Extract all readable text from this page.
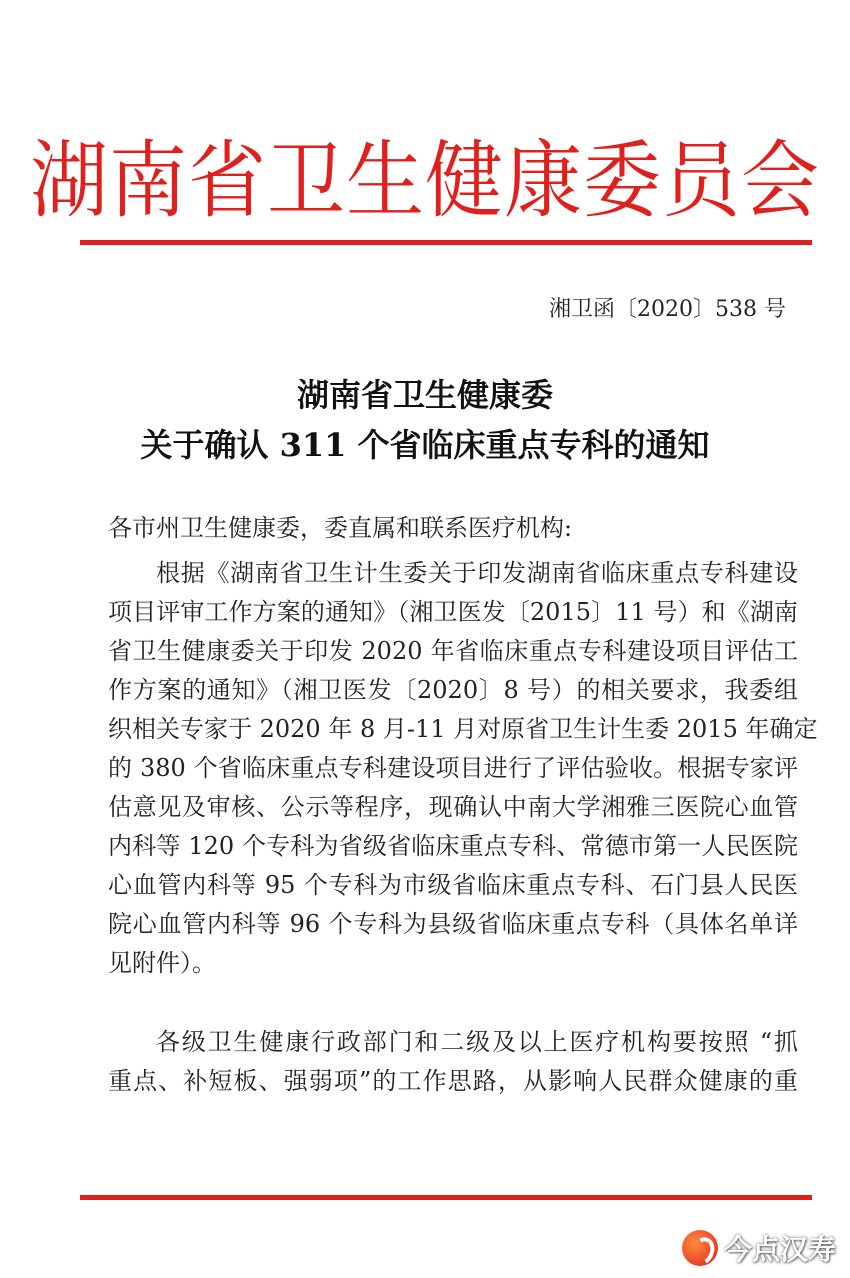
湖南省卫生健康委员会
湘卫函〔2020〕538 号
湖南省卫生健康委
关于确认 311 个省临床重点专科的通知
各市州卫生健康委，委直属和联系医疗机构:
根据《湖南省卫生计生委关于印发湖南省临床重点专科建设
项目评审工作方案的通知》（湘卫医发〔2015〕11 号）和《湖南
省卫生健康委关于印发 2020 年省临床重点专科建设项目评估工
作方案的通知》（湘卫医发〔2020〕8 号）的相关要求，我委组
织相关专家于 2020 年 8 月-11 月对原省卫生计生委 2015 年确定
的 380 个省临床重点专科建设项目进行了评估验收。根据专家评
估意见及审核、公示等程序，现确认中南大学湘雅三医院心血管
内科等 120 个专科为省级省临床重点专科、常德市第一人民医院
心血管内科等 95 个专科为市级省临床重点专科、石门县人民医
院心血管内科等 96 个专科为县级省临床重点专科（具体名单详
见附件）。
各级卫生健康行政部门和二级及以上医疗机构要按照 “抓
重点、补短板、强弱项”的工作思路，从影响人民群众健康的重
今点汉寿
